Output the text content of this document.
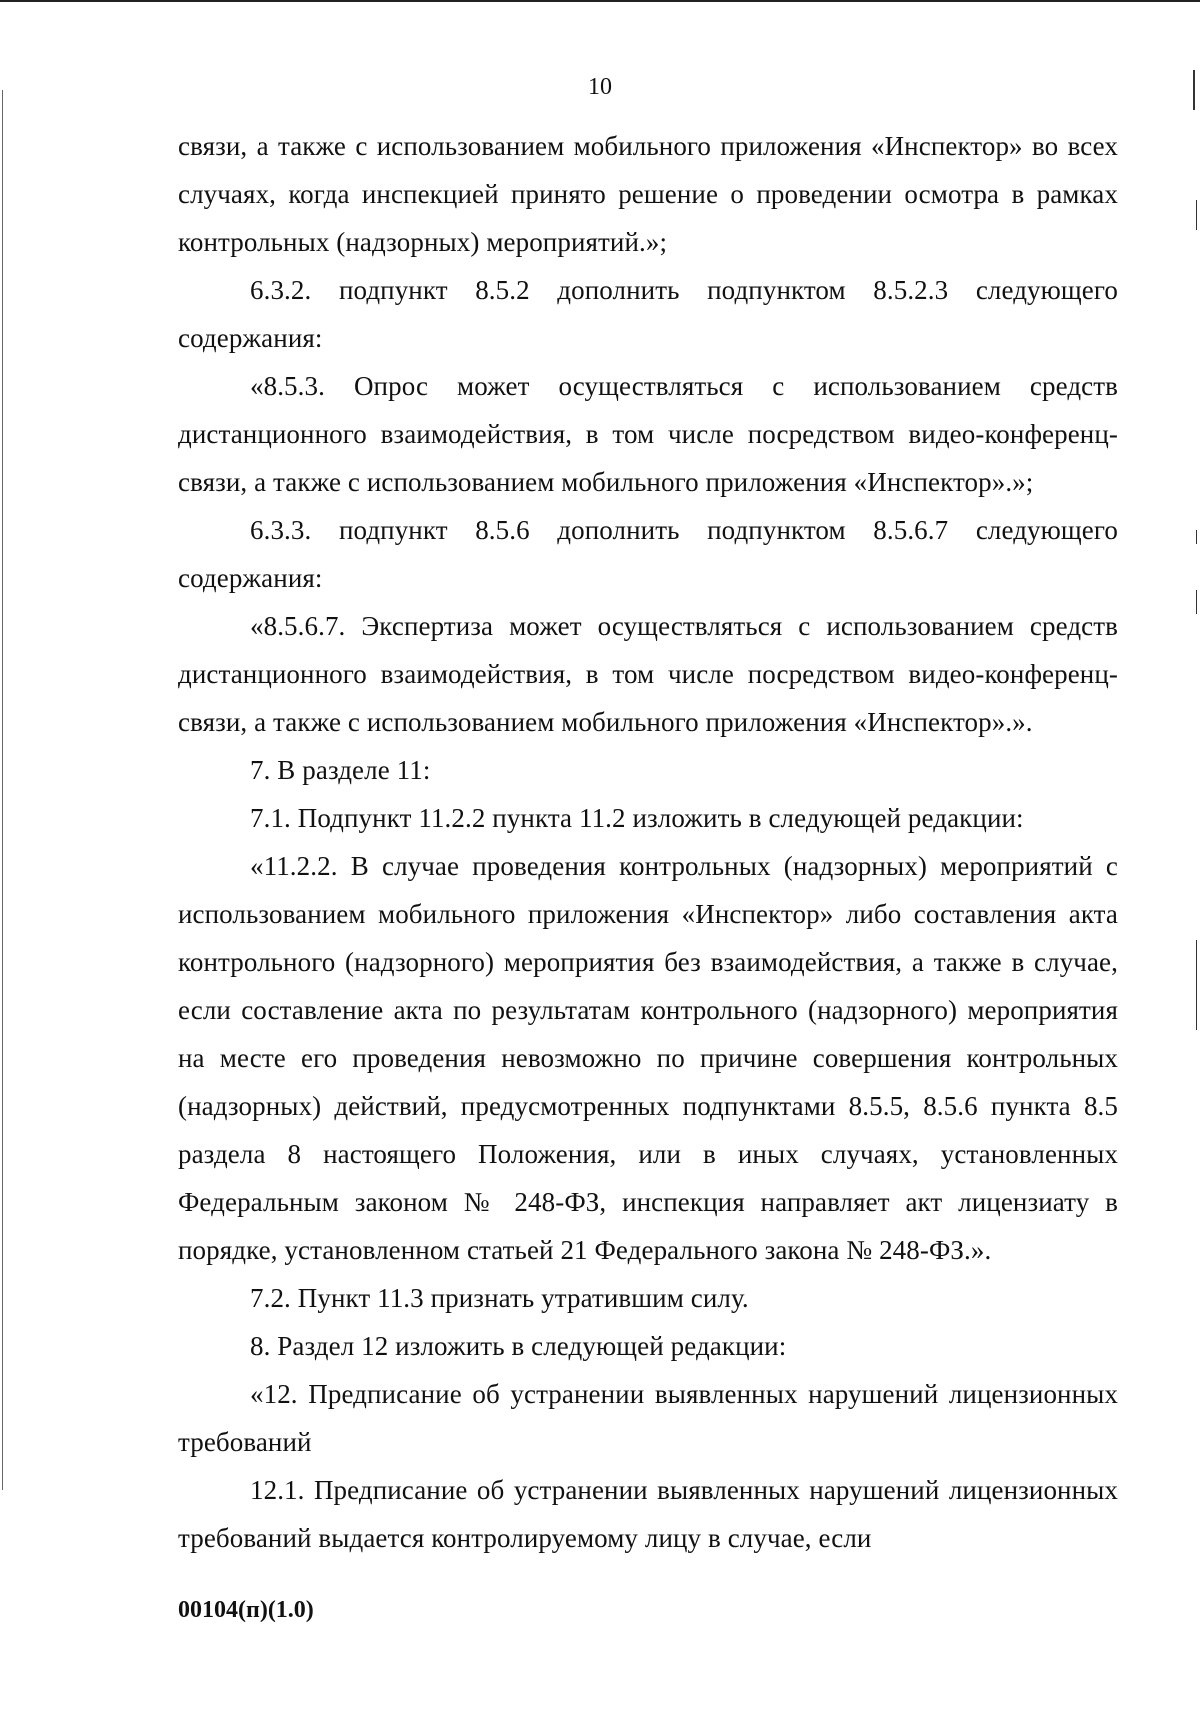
10

связи, а также с использованием мобильного приложения «Инспектор» во всех случаях, когда инспекцией принято решение о проведении осмотра в рамках контрольных (надзорных) мероприятий.»;

6.3.2. подпункт 8.5.2 дополнить подпунктом 8.5.2.3 следующего содержания:

«8.5.3. Опрос может осуществляться с использованием средств дистанционного взаимодействия, в том числе посредством видео-конференц-связи, а также с использованием мобильного приложения «Инспектор».»;

6.3.3. подпункт 8.5.6 дополнить подпунктом 8.5.6.7 следующего содержания:

«8.5.6.7. Экспертиза может осуществляться с использованием средств дистанционного взаимодействия, в том числе посредством видео-конференц-связи, а также с использованием мобильного приложения «Инспектор».».

7. В разделе 11:

7.1. Подпункт 11.2.2 пункта 11.2 изложить в следующей редакции:

«11.2.2. В случае проведения контрольных (надзорных) мероприятий с использованием мобильного приложения «Инспектор» либо составления акта контрольного (надзорного) мероприятия без взаимодействия, а также в случае, если составление акта по результатам контрольного (надзорного) мероприятия на месте его проведения невозможно по причине совершения контрольных (надзорных) действий, предусмотренных подпунктами 8.5.5, 8.5.6 пункта 8.5 раздела 8 настоящего Положения, или в иных случаях, установленных Федеральным законом № 248-ФЗ, инспекция направляет акт лицензиату в порядке, установленном статьей 21 Федерального закона № 248-ФЗ.».

7.2. Пункт 11.3 признать утратившим силу.

8. Раздел 12 изложить в следующей редакции:

«12. Предписание об устранении выявленных нарушений лицензионных требований

12.1. Предписание об устранении выявленных нарушений лицензионных требований выдается контролируемому лицу в случае, если

00104(п)(1.0)
